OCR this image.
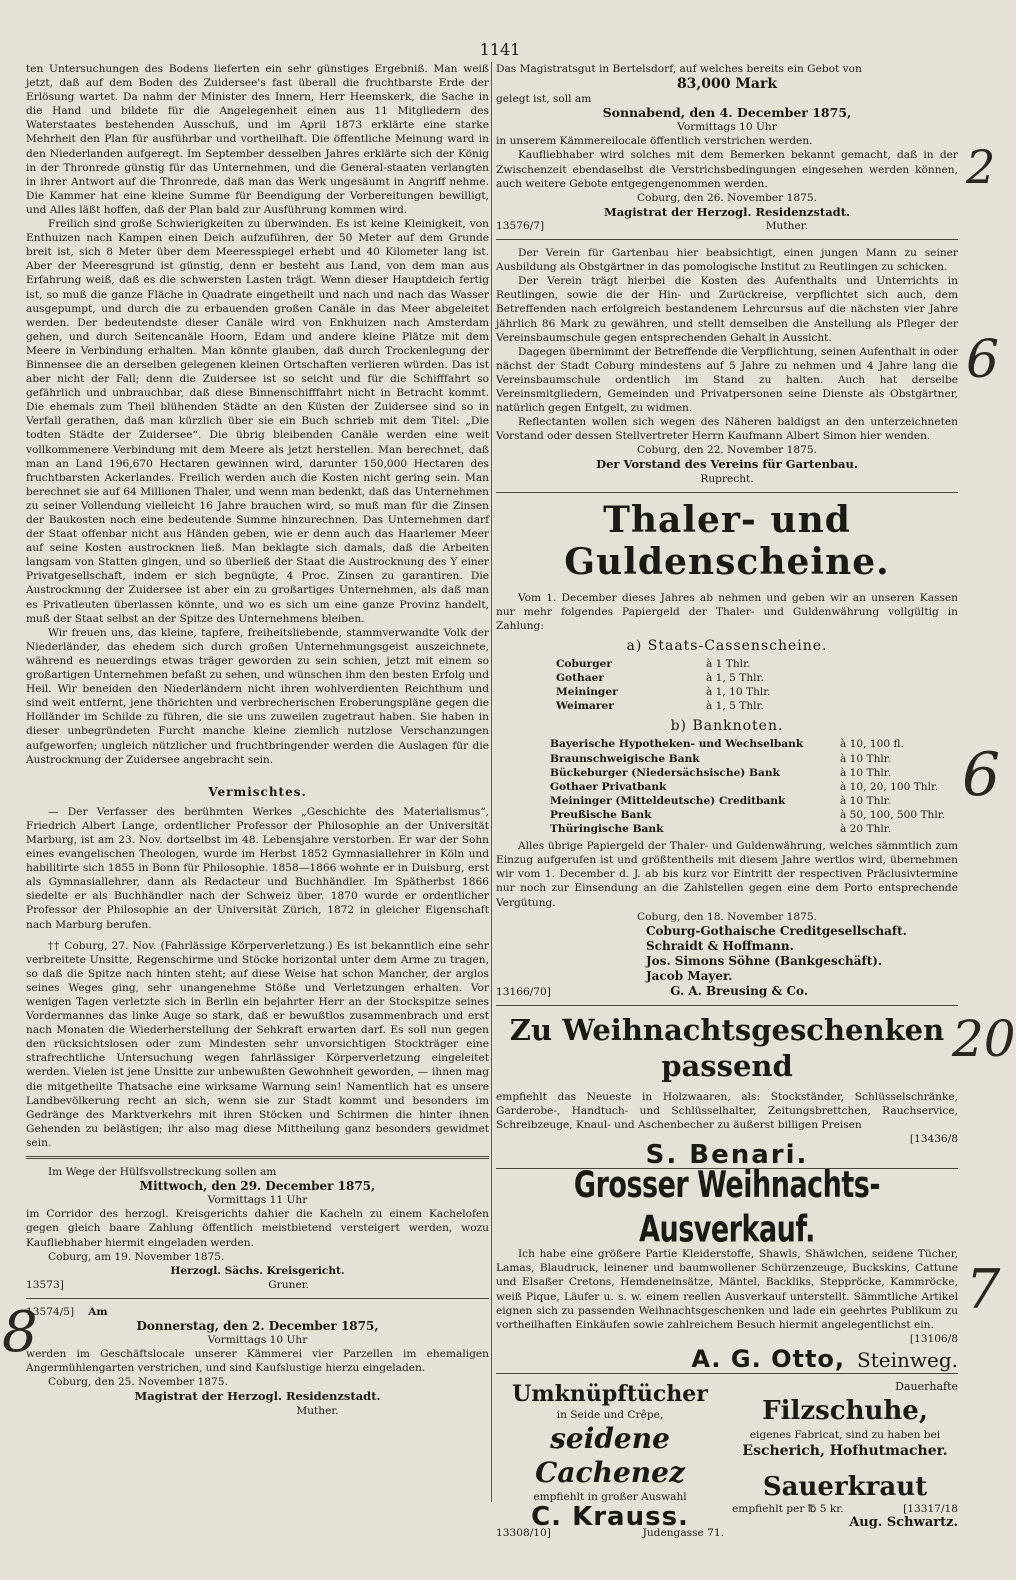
1141

ten Untersuchungen des Bodens lieferten ein sehr günstiges Ergebniß. Man weiß jetzt, daß auf dem Boden des Zuidersee's fast überall die fruchtbarste Erde der Erlösung wartet. Da nahm der Minister des Innern, Herr Heemskerk, die Sache in die Hand und bildete für die Angelegenheit einen aus 11 Mitgliedern des Waterstaates bestehenden Ausschuß, und im April 1873 erklärte eine starke Mehrheit den Plan für ausführbar und vortheilhaft. Die öffentliche Meinung ward in den Niederlanden aufgeregt. Im September desselben Jahres erklärte sich der König in der Thronrede günstig für das Unternehmen, und die General-staaten verlangten in ihrer Antwort auf die Thronrede, daß man das Werk ungesäumt in Angriff nehme. Die Kammer hat eine kleine Summe für Beendigung der Vorbereitungen bewilligt, und Alles läßt hoffen, daß der Plan bald zur Ausführung kommen wird.

Freilich sind große Schwierigkeiten zu überwinden. Es ist keine Kleinigkeit, von Enthuizen nach Kampen einen Deich aufzuführen, der 50 Meter auf dem Grunde breit ist, sich 8 Meter über dem Meeresspiegel erhebt und 40 Kilometer lang ist. Aber der Meeresgrund ist günstig, denn er besteht aus Land, von dem man aus Erfahrung weiß, daß es die schwersten Lasten trägt. Wenn dieser Hauptdeich fertig ist, so muß die ganze Fläche in Quadrate eingetheilt und nach und nach das Wasser ausgepumpt, und durch die zu erbauenden großen Canäle in das Meer abgeleitet werden. Der bedeutendste dieser Canäle wird von Enkhuizen nach Amsterdam gehen, und durch Seitencanäle Hoorn, Edam und andere kleine Plätze mit dem Meere in Verbindung erhalten. Man könnte glauben, daß durch Trockenlegung der Binnensee die an derselben gelegenen kleinen Ortschaften verlieren würden. Das ist aber nicht der Fall; denn die Zuidersee ist so seicht und für die Schifffahrt so gefährlich und unbrauchbar, daß diese Binnenschifffahrt nicht in Betracht kommt. Die ehemals zum Theil blühenden Städte an den Küsten der Zuidersee sind so in Verfall gerathen, daß man kürzlich über sie ein Buch schrieb mit dem Titel: „Die todten Städte der Zuidersee“. Die übrig bleibenden Canäle werden eine weit vollkommenere Verbindung mit dem Meere als jetzt herstellen. Man berechnet, daß man an Land 196,670 Hectaren gewinnen wird, darunter 150,000 Hectaren des fruchtbarsten Ackerlandes. Freilich werden auch die Kosten nicht gering sein. Man berechnet sie auf 64 Millionen Thaler, und wenn man bedenkt, daß das Unternehmen zu seiner Vollendung vielleicht 16 Jahre brauchen wird, so muß man für die Zinsen der Baukosten noch eine bedeutende Summe hinzurechnen. Das Unternehmen darf der Staat offenbar nicht aus Händen geben, wie er denn auch das Haarlemer Meer auf seine Kosten austrocknen ließ. Man beklagte sich damals, daß die Arbeiten langsam von Statten gingen, und so überließ der Staat die Austrocknung des Y einer Privatgesellschaft, indem er sich begnügte, 4 Proc. Zinsen zu garantiren. Die Austrocknung der Zuidersee ist aber ein zu großartiges Unternehmen, als daß man es Privatleuten überlassen könnte, und wo es sich um eine ganze Provinz handelt, muß der Staat selbst an der Spitze des Unternehmens bleiben.

Wir freuen uns, das kleine, tapfere, freiheitsliebende, stammverwandte Volk der Niederländer, das ehedem sich durch großen Unternehmungsgeist auszeichnete, während es neuerdings etwas träger geworden zu sein schien, jetzt mit einem so großartigen Unternehmen befaßt zu sehen, und wünschen ihm den besten Erfolg und Heil. Wir beneiden den Niederländern nicht ihren wohlverdienten Reichthum und sind weit entfernt, jene thörichten und verbrecherischen Eroberungspläne gegen die Holländer im Schilde zu führen, die sie uns zuweilen zugetraut haben. Sie haben in dieser unbegründeten Furcht manche kleine ziemlich nutzlose Verschanzungen aufgeworfen; ungleich nützlicher und fruchtbringender werden die Auslagen für die Austrocknung der Zuidersee angebracht sein.

Vermischtes.

— Der Verfasser des berühmten Werkes „Geschichte des Materialismus“, Friedrich Albert Lange, ordentlicher Professor der Philosophie an der Universität Marburg, ist am 23. Nov. dortselbst im 48. Lebensjahre verstorben. Er war der Sohn eines evangelischen Theologen, wurde im Herbst 1852 Gymnasiallehrer in Köln und habilitirte sich 1855 in Bonn für Philosophie. 1858—1866 wohnte er in Duisburg, erst als Gymnasiallehrer, dann als Redacteur und Buchhändler. Im Spätherbst 1866 siedelte er als Buchhändler nach der Schweiz über. 1870 wurde er ordentlicher Professor der Philosophie an der Universität Zürich, 1872 in gleicher Eigenschaft nach Marburg berufen.

†† Coburg, 27. Nov. (Fahrlässige Körperverletzung.) Es ist bekanntlich eine sehr verbreitete Unsitte, Regenschirme und Stöcke horizontal unter dem Arme zu tragen, so daß die Spitze nach hinten steht; auf diese Weise hat schon Mancher, der arglos seines Weges ging, sehr unangenehme Stöße und Verletzungen erhalten. Vor wenigen Tagen verletzte sich in Berlin ein bejahrter Herr an der Stockspitze seines Vordermannes das linke Auge so stark, daß er bewußtlos zusammenbrach und erst nach Monaten die Wiederherstellung der Sehkraft erwarten darf. Es soll nun gegen den rücksichtslosen oder zum Mindesten sehr unvorsichtigen Stockträger eine strafrechtliche Untersuchung wegen fahrlässiger Körperverletzung eingeleitet werden. Vielen ist jene Unsitte zur unbewußten Gewohnheit geworden, — ihnen mag die mitgetheilte Thatsache eine wirksame Warnung sein! Namentlich hat es unsere Landbevölkerung recht an sich, wenn sie zur Stadt kommt und besonders im Gedränge des Marktverkehrs mit ihren Stöcken und Schirmen die hinter ihnen Gehenden zu belästigen; ihr also mag diese Mittheilung ganz besonders gewidmet sein.

Im Wege der Hülfsvollstreckung sollen am

Mittwoch, den 29. December 1875,

Vormittags 11 Uhr

im Corridor des herzogl. Kreisgerichts dahier die Kacheln zu einem Kachelofen gegen gleich baare Zahlung öffentlich meistbietend versteigert werden, wozu Kaufliebhaber hiermit eingeladen werden.

Coburg, am 19. November 1875.

Herzogl. Sächs. Kreisgericht.

13573]	Gruner.
13574/5] Am

Donnerstag, den 2. December 1875,

Vormittags 10 Uhr

werden im Geschäftslocale unserer Kämmerei vier Parzellen im ehemaligen Angermühlengarten verstrichen, und sind Kaufslustige hierzu eingeladen.

Coburg, den 25. November 1875.

Magistrat der Herzogl. Residenzstadt.

Muther.

Das Magistratsgut in Bertelsdorf, auf welches bereits ein Gebot von

83,000 Mark

gelegt ist, soll am

Sonnabend, den 4. December 1875,

Vormittags 10 Uhr

in unserem Kämmereilocale öffentlich verstrichen werden.

Kaufliebhaber wird solches mit dem Bemerken bekannt gemacht, daß in der Zwischenzeit ebendaselbst die Verstrichsbedingungen eingesehen werden können, auch weitere Gebote entgegengenommen werden.

Coburg, den 26. November 1875.

Magistrat der Herzogl. Residenzstadt.

13576/7]	Muther.

Der Verein für Gartenbau hier beabsichtigt, einen jungen Mann zu seiner Ausbildung als Obstgärtner in das pomologische Institut zu Reutlingen zu schicken.

Der Verein trägt hierbei die Kosten des Aufenthalts und Unterrichts in Reutlingen, sowie die der Hin- und Zurückreise, verpflichtet sich auch, dem Betreffenden nach erfolgreich bestandenem Lehrcursus auf die nächsten vier Jahre jährlich 86 Mark zu gewähren, und stellt demselben die Anstellung als Pfleger der Vereinsbaumschule gegen entsprechenden Gehalt in Aussicht.

Dagegen übernimmt der Betreffende die Verpflichtung, seinen Aufenthalt in oder nächst der Stadt Coburg mindestens auf 5 Jahre zu nehmen und 4 Jahre lang die Vereinsbaumschule ordentlich im Stand zu halten. Auch hat derselbe Vereinsmitgliedern, Gemeinden und Privatpersonen seine Dienste als Obstgärtner, natürlich gegen Entgelt, zu widmen.

Reflectanten wollen sich wegen des Näheren baldigst an den unterzeichneten Vorstand oder dessen Stellvertreter Herrn Kaufmann Albert Simon hier wenden.

Coburg, den 22. November 1875.

Der Vorstand des Vereins für Gartenbau.

Ruprecht.

Thaler- und Guldenscheine.

Vom 1. December dieses Jahres ab nehmen und geben wir an unseren Kassen nur mehr folgendes Papiergeld der Thaler- und Guldenwährung vollgültig in Zahlung:

a) Staats-Cassenscheine.
Coburger	à 1 Thlr.
Gothaer	à 1, 5 Thlr.
Meininger	à 1, 10 Thlr.
Weimarer	à 1, 5 Thlr.
b) Banknoten.
Bayerische Hypotheken- und Wechselbank	à 10, 100 fl.
Braunschweigische Bank	à 10 Thlr.
Bückeburger (Niedersächsische) Bank	à 10 Thlr.
Gothaer Privatbank	à 10, 20, 100 Thlr.
Meininger (Mitteldeutsche) Creditbank	à 10 Thlr.
Preußische Bank	à 50, 100, 500 Thlr.
Thüringische Bank	à 20 Thlr.

Alles übrige Papiergeld der Thaler- und Guldenwährung, welches sämmtlich zum Einzug aufgerufen ist und größtentheils mit diesem Jahre wertlos wird, übernehmen wir vom 1. December d. J. ab bis kurz vor Eintritt der respectiven Präclusivtermine nur noch zur Einsendung an die Zahlstellen gegen eine dem Porto entsprechende Vergütung.

Coburg, den 18. November 1875.

Coburg-Gothaische Creditgesellschaft.
Schraidt & Hoffmann.
Jos. Simons Söhne (Bankgeschäft).
Jacob Mayer.
13166/70]	G. A. Breusing & Co.
Zu Weihnachtsgeschenken passend

empfiehlt das Neueste in Holzwaaren, als: Stockständer, Schlüsselschränke, Garderobe-, Handtuch- und Schlüsselhalter, Zeitungsbrettchen, Rauchservice, Schreibzeuge, Knaul- und Aschenbecher zu äußerst billigen Preisen

[13436/8

S. Benari.
Grosser Weihnachts-Ausverkauf.

Ich habe eine größere Partie Kleiderstoffe, Shawls, Shäwlchen, seidene Tücher, Lamas, Blaudruck, leinener und baumwollener Schürzenzeuge, Buckskins, Cattune und Elsaßer Cretons, Hemdeneinsätze, Mäntel, Backliks, Steppröcke, Kammröcke, weiß Pique, Läufer u. s. w. einem reellen Ausverkauf unterstellt. Sämmtliche Artikel eignen sich zu passenden Weihnachtsgeschenken und lade ein geehrtes Publikum zu vortheilhaften Einkäufen sowie zahlreichem Besuch hiermit angelegentlichst ein.

[13106/8

A. G. Otto, Steinweg.
Umknüpftücher
in Seide und Crêpe,
seidene Cachenez
empfiehlt in großer Auswahl
C. Krauss.
13308/10]	Judengasse 71.
Dauerhafte
Filzschuhe,
eigenes Fabricat, sind zu haben bei
Escherich, Hofhutmacher.
Sauerkraut
empfiehlt per ℔ 5 kr.	[13317/18
Aug. Schwartz.
2
6
6
20
7
8
